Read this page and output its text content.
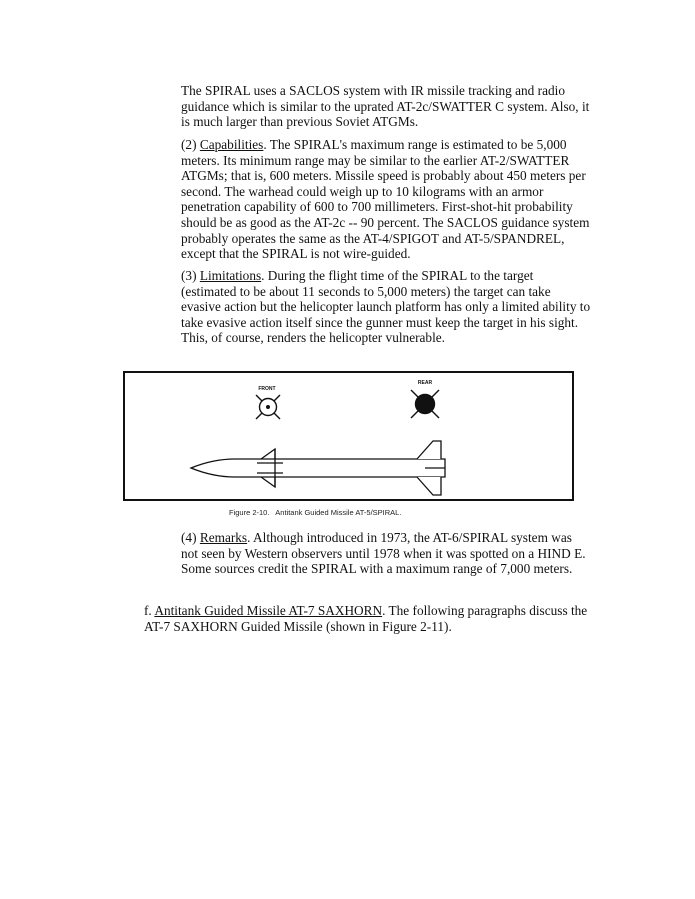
The SPIRAL uses a SACLOS system with IR missile tracking and radio guidance which is similar to the uprated AT-2c/SWATTER C system. Also, it is much larger than previous Soviet ATGMs.
(2) Capabilities. The SPIRAL's maximum range is estimated to be 5,000 meters. Its minimum range may be similar to the earlier AT-2/SWATTER ATGMs; that is, 600 meters. Missile speed is probably about 450 meters per second. The warhead could weigh up to 10 kilograms with an armor penetration capability of 600 to 700 millimeters. First-shot-hit probability should be as good as the AT-2c -- 90 percent. The SACLOS guidance system probably operates the same as the AT-4/SPIGOT and AT-5/SPANDREL, except that the SPIRAL is not wire-guided.
(3) Limitations. During the flight time of the SPIRAL to the target (estimated to be about 11 seconds to 5,000 meters) the target can take evasive action but the helicopter launch platform has only a limited ability to take evasive action itself since the gunner must keep the target in his sight. This, of course, renders the helicopter vulnerable.
FRONT
REAR
Figure 2-10.   Antitank Guided Missile AT-5/SPIRAL.
(4) Remarks. Although introduced in 1973, the AT-6/SPIRAL system was not seen by Western observers until 1978 when it was spotted on a HIND E. Some sources credit the SPIRAL with a maximum range of 7,000 meters.
f. Antitank Guided Missile AT-7 SAXHORN. The following paragraphs discuss the AT-7 SAXHORN Guided Missile (shown in Figure 2-11).
